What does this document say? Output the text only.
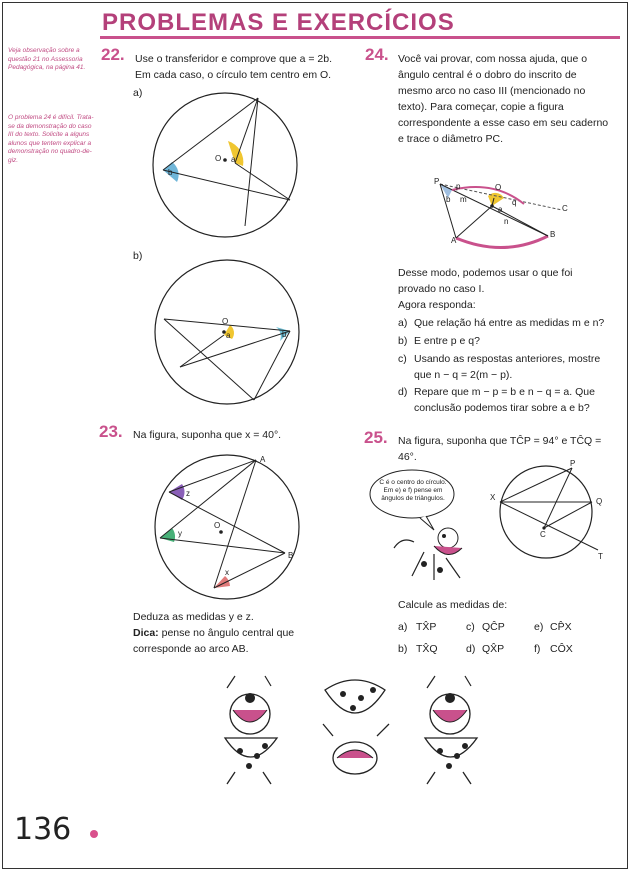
PROBLEMAS E EXERCÍCIOS
Veja observação sobre a questão 21 no Assessoria Pedagógica, na página 41.
O problema 24 é difícil. Trata-se da demonstração do caso III do texto. Solicite a alguns alunos que tentem explicar a demonstração no quadro-de-giz.
22. Use o transferidor e comprove que a = 2b. Em cada caso, o círculo tem centro em O.
a)
O a
b
b)
O
a	b
23. Na figura, suponha que x = 40°.
A
B
O
z
y
x
Deduza as medidas y e z.
Dica: pense no ângulo central que corresponde ao arco AB.
24. Você vai provar, com nossa ajuda, que o ângulo central é o dobro do inscrito de mesmo arco no caso III (mencionado no texto). Para começar, copie a figura correspondente a esse caso em seu caderno e trace o diâmetro PC.
P
O
C
A
B
p
q
m
n
a
b
Desse modo, podemos usar o que foi provado no caso I.
Agora responda:
a) Que relação há entre as medidas m e n?
b) E entre p e q?
c) Usando as respostas anteriores, mostre que n − q = 2(m − p).
d) Repare que m − p = b e n − q = a. Que conclusão podemos tirar sobre a e b?
25. Na figura, suponha que TĈP = 94° e TĈQ = 46°.
C é o centro do círculo. Em e) e f) pense em ângulos de triângulos.
P
X	Q
C
T
Calcule as medidas de:
a) TX̂P	c) QĈP	e) CP̂X
b) TX̂Q	d) QX̂P	f) CÔX
136
